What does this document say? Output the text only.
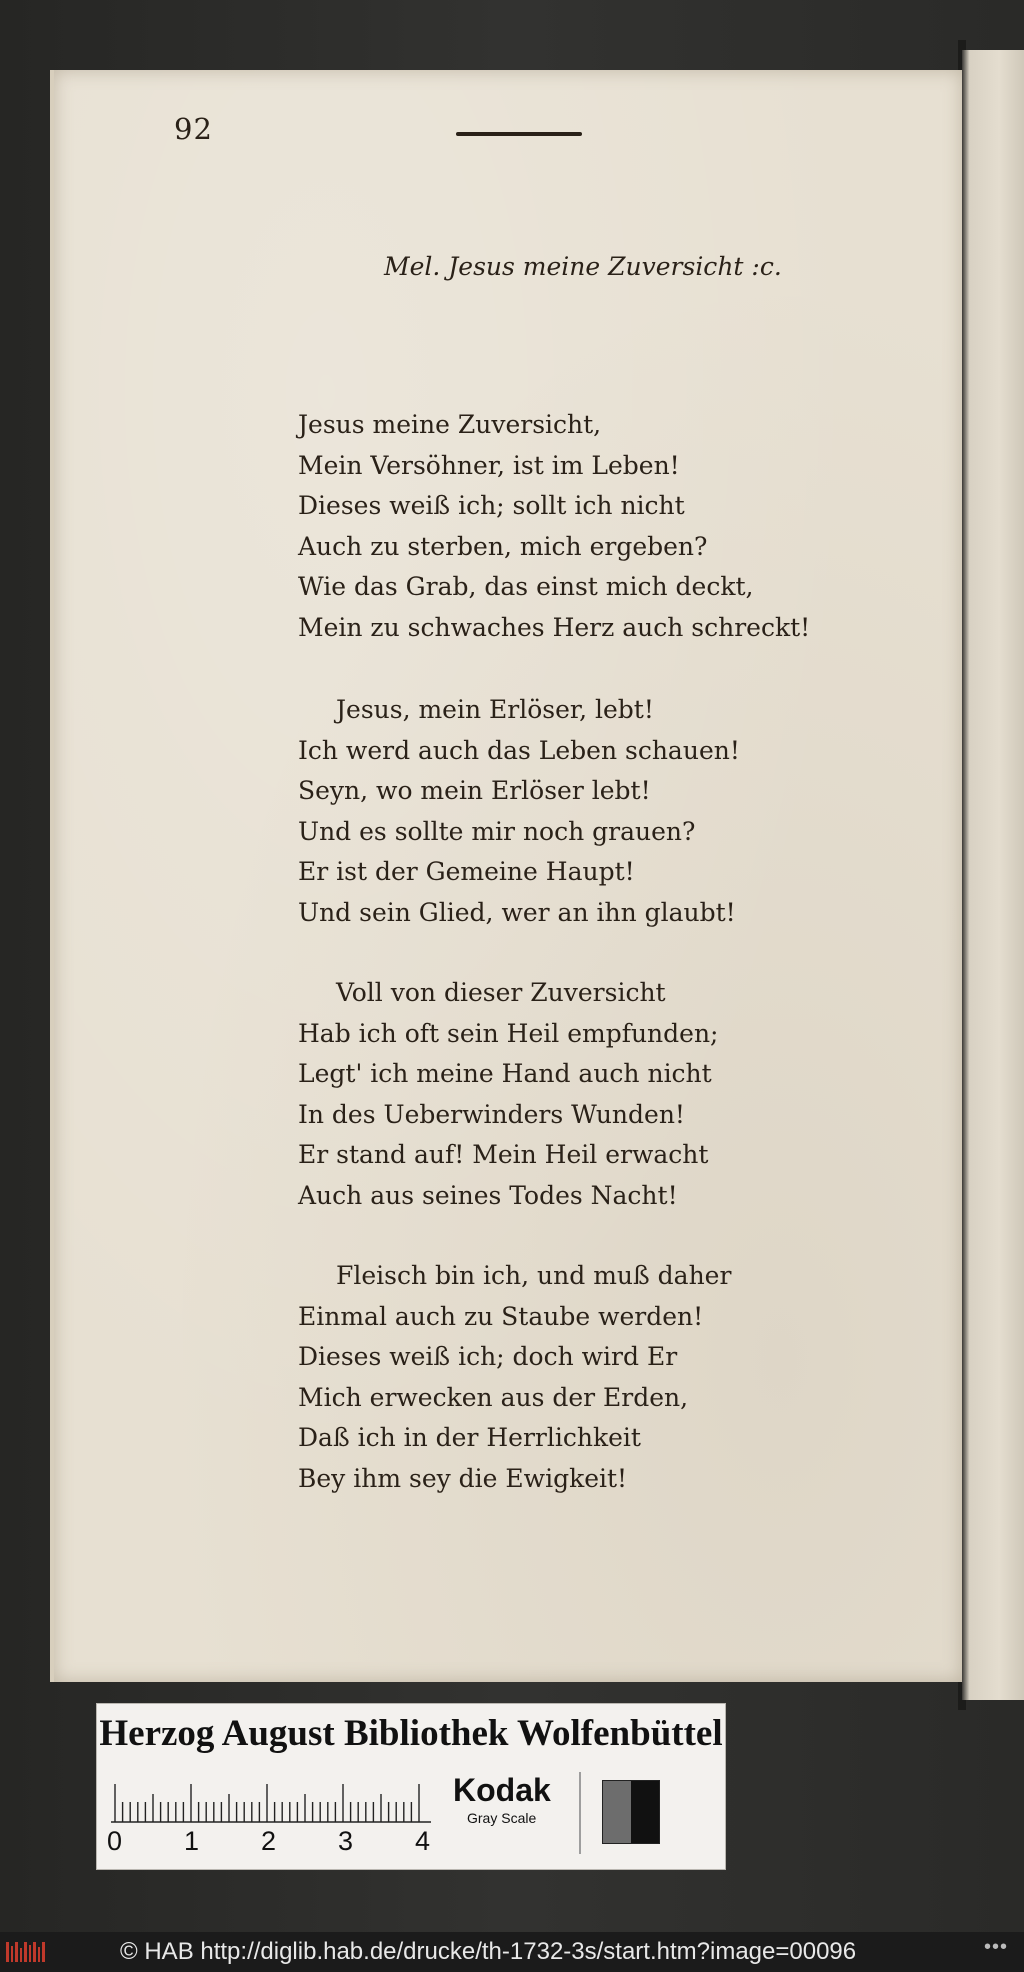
92
Mel. Jesus meine Zuversicht :c.
Jesus meine Zuversicht,
Mein Versöhner, ist im Leben!
Dieses weiß ich; sollt ich nicht
Auch zu sterben, mich ergeben?
Wie das Grab, das einst mich deckt,
Mein zu schwaches Herz auch schreckt!
Jesus, mein Erlöser, lebt!
Ich werd auch das Leben schauen!
Seyn, wo mein Erlöser lebt!
Und es sollte mir noch grauen?
Er ist der Gemeine Haupt!
Und sein Glied, wer an ihn glaubt!
Voll von dieser Zuversicht
Hab ich oft sein Heil empfunden;
Legt' ich meine Hand auch nicht
In des Ueberwinders Wunden!
Er stand auf! Mein Heil erwacht
Auch aus seines Todes Nacht!
Fleisch bin ich, und muß daher
Einmal auch zu Staube werden!
Dieses weiß ich; doch wird Er
Mich erwecken aus der Erden,
Daß ich in der Herrlichkeit
Bey ihm sey die Ewigkeit!
Herzog August Bibliothek Wolfenbüttel
0 1 2 3 4
Kodak
Gray Scale
© HAB http://diglib.hab.de/drucke/th-1732-3s/start.htm?image=00096	•••
